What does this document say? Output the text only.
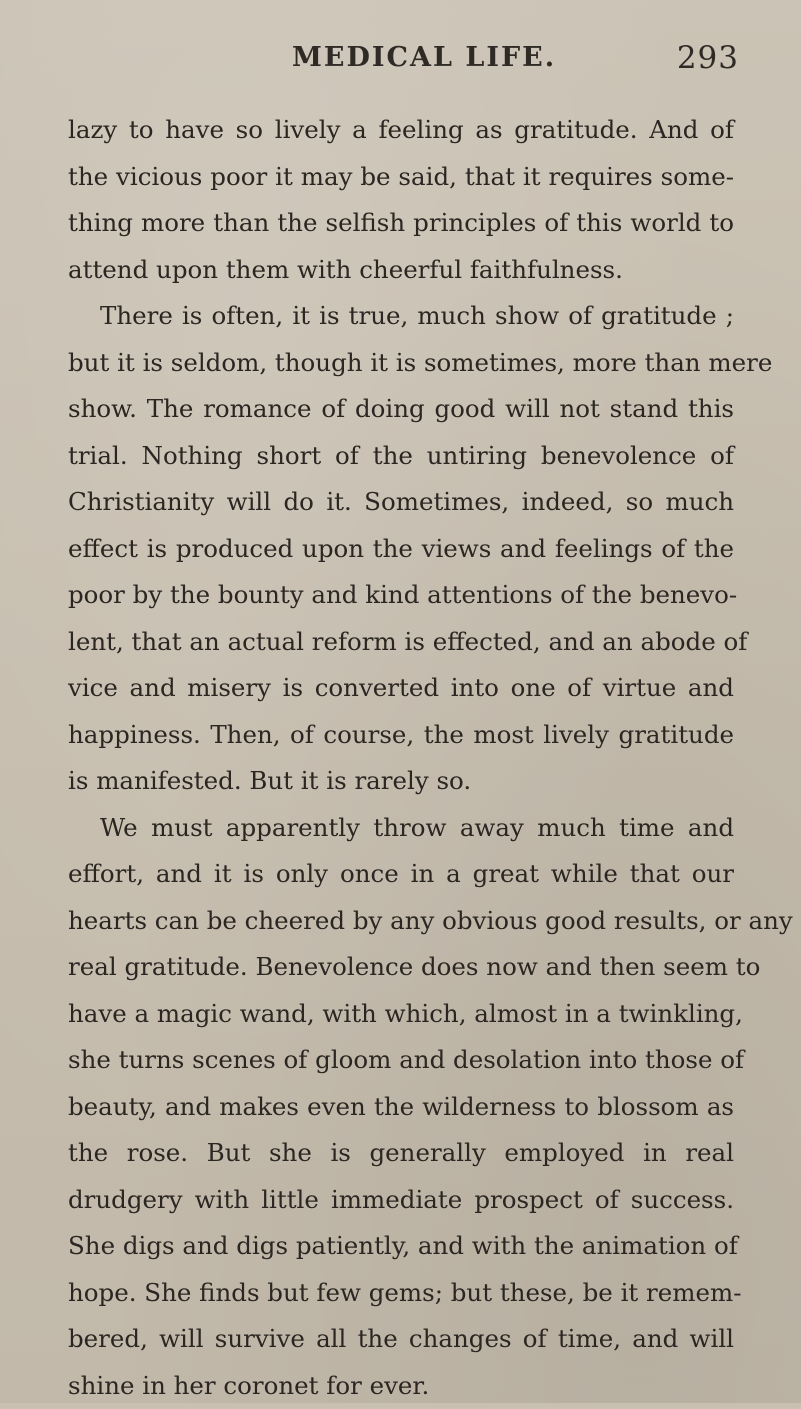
MEDICAL LIFE.	293
lazy to have so lively a feeling as gratitude. And of
the vicious poor it may be said, that it requires some-
thing more than the selfish principles of this world to
attend upon them with cheerful faithfulness.
There is often, it is true, much show of gratitude ;
but it is seldom, though it is sometimes, more than mere
show. The romance of doing good will not stand this
trial. Nothing short of the untiring benevolence of
Christianity will do it. Sometimes, indeed, so much
effect is produced upon the views and feelings of the
poor by the bounty and kind attentions of the benevo-
lent, that an actual reform is effected, and an abode of
vice and misery is converted into one of virtue and
happiness. Then, of course, the most lively gratitude
is manifested. But it is rarely so.
We must apparently throw away much time and
effort, and it is only once in a great while that our
hearts can be cheered by any obvious good results, or any
real gratitude. Benevolence does now and then seem to
have a magic wand, with which, almost in a twinkling,
she turns scenes of gloom and desolation into those of
beauty, and makes even the wilderness to blossom as
the rose. But she is generally employed in real
drudgery with little immediate prospect of success.
She digs and digs patiently, and with the animation of
hope. She finds but few gems; but these, be it remem-
bered, will survive all the changes of time, and will
shine in her coronet for ever.
